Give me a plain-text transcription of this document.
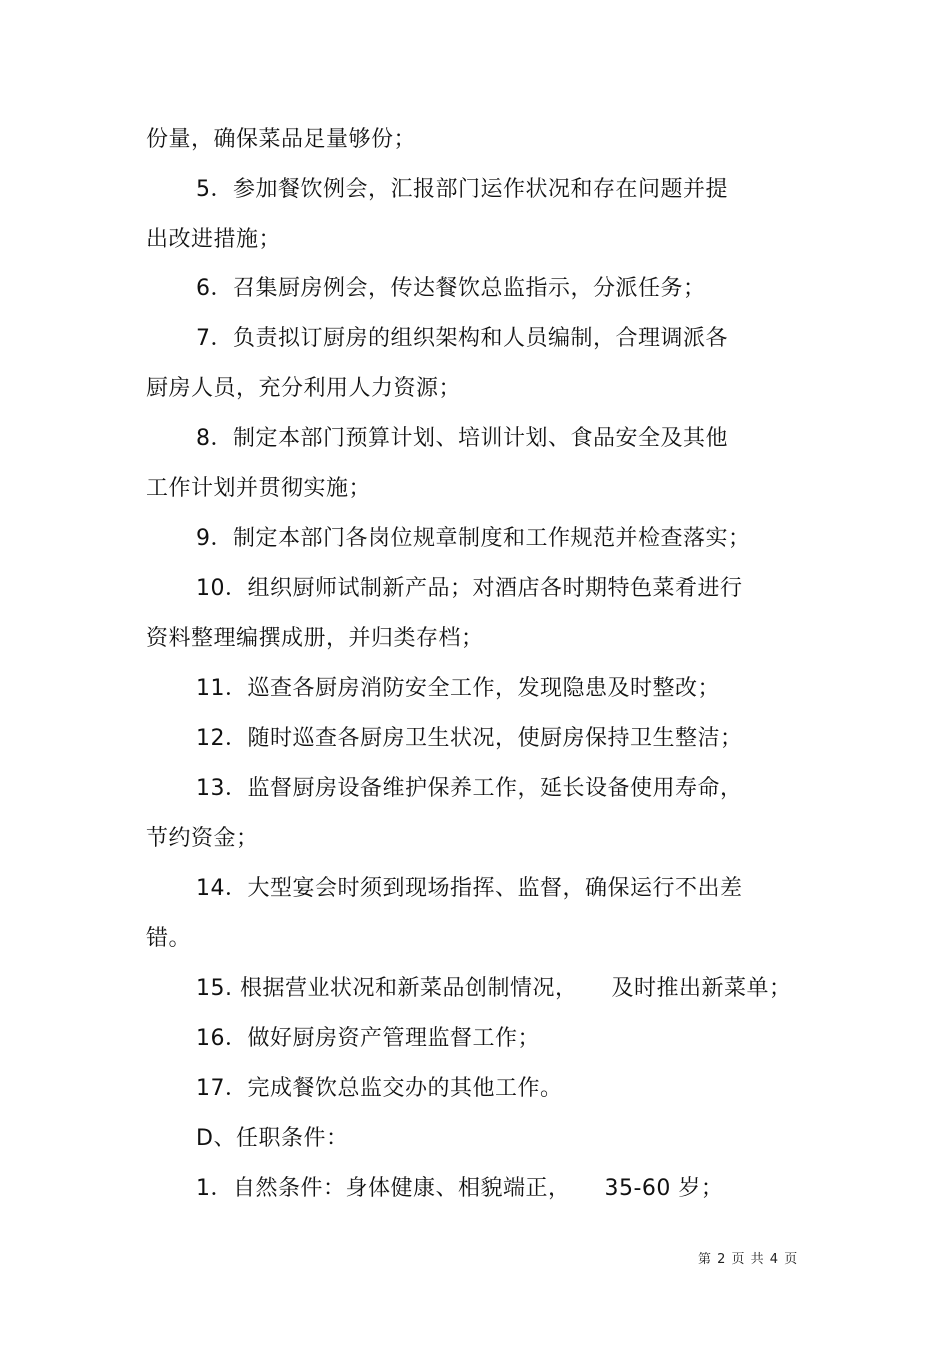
份量，确保菜品足量够份；
5．参加餐饮例会，汇报部门运作状况和存在问题并提
出改进措施；
6．召集厨房例会，传达餐饮总监指示，分派任务；
7．负责拟订厨房的组织架构和人员编制，合理调派各
厨房人员，充分利用人力资源；
8．制定本部门预算计划、培训计划、食品安全及其他
工作计划并贯彻实施；
9．制定本部门各岗位规章制度和工作规范并检查落实；
10．组织厨师试制新产品；对酒店各时期特色菜肴进行
资料整理编撰成册，并归类存档；
11．巡查各厨房消防安全工作，发现隐患及时整改；
12．随时巡查各厨房卫生状况，使厨房保持卫生整洁；
13．监督厨房设备维护保养工作，延长设备使用寿命，
节约资金；
14．大型宴会时须到现场指挥、监督，确保运行不出差
错。
15. 根据营业状况和新菜品创制情况，　　及时推出新菜单；
16．做好厨房资产管理监督工作；
17．完成餐饮总监交办的其他工作。
D、任职条件：
1．自然条件：身体健康、相貌端正，　　35-60 岁；
第 2 页 共 4 页
